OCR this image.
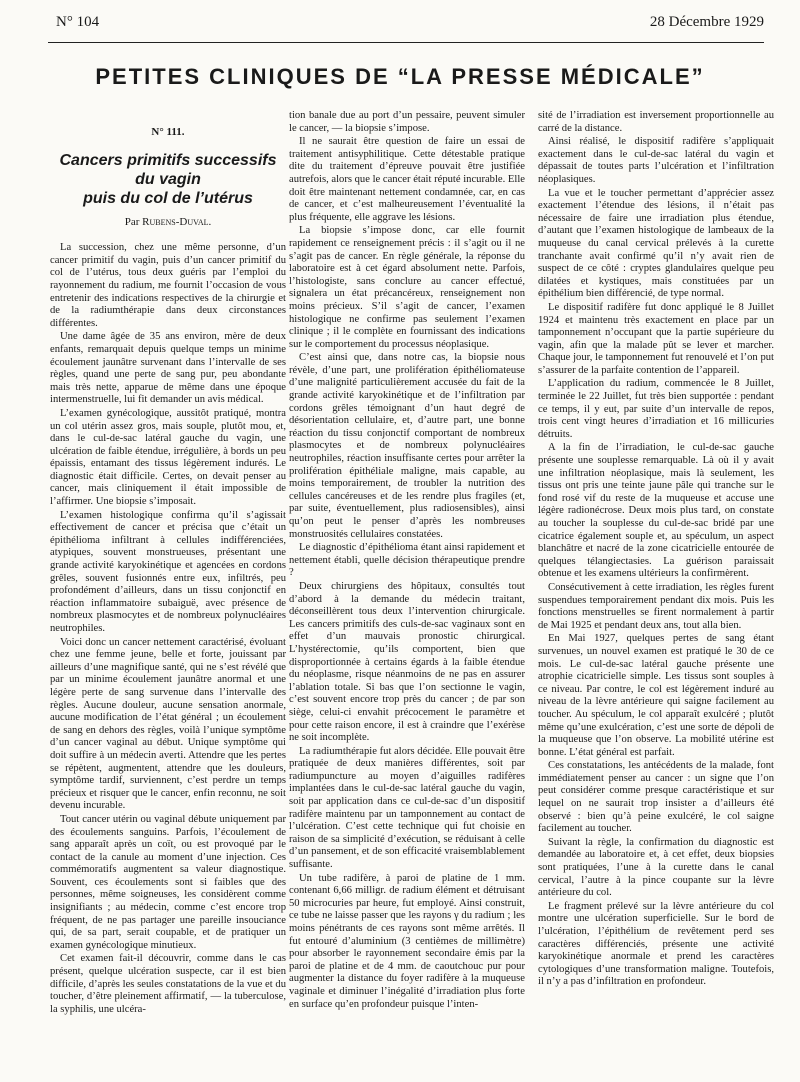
N° 104	28 Décembre 1929
PETITES CLINIQUES DE “LA PRESSE MÉDICALE”
N° 111.
Cancers primitifs successifs
du vagin
puis du col de l’utérus
Par Rubens-Duval.

La succession, chez une même personne, d’un cancer primitif du vagin, puis d’un cancer primitif du col de l’utérus, tous deux guéris par l’emploi du rayonnement du radium, me fournit l’occasion de vous entretenir des indications respectives de la chirurgie et de la radiumthérapie dans deux circonstances différentes.

Une dame âgée de 35 ans environ, mère de deux enfants, remarquait depuis quelque temps un minime écoulement jaunâtre survenant dans l’intervalle de ses règles, quand une perte de sang pur, peu abondante mais très nette, apparue de même dans une époque intermenstruelle, lui fit demander un avis médical.

L’examen gynécologique, aussitôt pratiqué, montra un col utérin assez gros, mais souple, plutôt mou, et, dans le cul-de-sac latéral gauche du vagin, une ulcération de faible étendue, irrégulière, à bords un peu épaissis, entamant des tissus légèrement indurés. Le diagnostic était difficile. Certes, on devait penser au cancer, mais cliniquement il était impossible de l’affirmer. Une biopsie s’imposait.

L’examen histologique confirma qu’il s’agissait effectivement de cancer et précisa que c’était un épithélioma infiltrant à cellules indifférenciées, atypiques, souvent monstrueuses, présentant une grande activité karyokinétique et agencées en cordons grêles, souvent fusionnés entre eux, infiltrés, peu profondément d’ailleurs, dans un tissu conjonctif en réaction inflammatoire subaiguë, avec présence de nombreux plasmocytes et de nombreux polynucléaires neutrophiles.

Voici donc un cancer nettement caractérisé, évoluant chez une femme jeune, belle et forte, jouissant par ailleurs d’une magnifique santé, qui ne s’est révélé que par un minime écoulement jaunâtre anormal et une légère perte de sang survenue dans l’intervalle des règles. Aucune douleur, aucune sensation anormale, aucune modification de l’état général ; un écoulement de sang en dehors des règles, voilà l’unique symptôme d’un cancer vaginal au début. Unique symptôme qui doit suffire à un médecin averti. Attendre que les pertes se répètent, augmentent, attendre que les douleurs, symptôme tardif, surviennent, c’est perdre un temps précieux et risquer que le cancer, enfin reconnu, ne soit devenu incurable.

Tout cancer utérin ou vaginal débute uniquement par des écoulements sanguins. Parfois, l’écoulement de sang apparaît après un coït, ou est provoqué par le contact de la canule au moment d’une injection. Ces commémoratifs augmentent sa valeur diagnostique. Souvent, ces écoulements sont si faibles que des personnes, même soigneuses, les considèrent comme insignifiants ; au médecin, comme c’est encore trop fréquent, de ne pas partager une pareille insouciance qui, de sa part, serait coupable, et de pratiquer un examen gynécologique minutieux.

Cet examen fait-il découvrir, comme dans le cas présent, quelque ulcération suspecte, car il est bien difficile, d’après les seules constatations de la vue et du toucher, d’être pleinement affirmatif, — la tuberculose, la syphilis, une ulcéra-

tion banale due au port d’un pessaire, peuvent simuler le cancer, — la biopsie s’impose.

Il ne saurait être question de faire un essai de traitement antisyphilitique. Cette détestable pratique dite du traitement d’épreuve pouvait être justifiée autrefois, alors que le cancer était réputé incurable. Elle doit être maintenant nettement condamnée, car, en cas de cancer, et c’est malheureusement l’éventualité la plus fréquente, elle aggrave les lésions.

La biopsie s’impose donc, car elle fournit rapidement ce renseignement précis : il s’agit ou il ne s’agit pas de cancer. En règle générale, la réponse du laboratoire est à cet égard absolument nette. Parfois, l’histologiste, sans conclure au cancer effectué, signalera un état précancéreux, renseignement non moins précieux. S’il s’agit de cancer, l’examen histologique ne confirme pas seulement l’examen clinique ; il le complète en fournissant des indications sur le comportement du processus néoplasique.

C’est ainsi que, dans notre cas, la biopsie nous révèle, d’une part, une prolifération épithéliomateuse d’une malignité particulièrement accusée du fait de la grande activité karyokinétique et de l’infiltration par cordons grêles témoignant d’un haut degré de désorientation cellulaire, et, d’autre part, une bonne réaction du tissu conjonctif comportant de nombreux plasmocytes et de nombreux polynucléaires neutrophiles, réaction insuffisante certes pour arrêter la prolifération épithéliale maligne, mais capable, au moins temporairement, de troubler la nutrition des cellules cancéreuses et de les rendre plus fragiles (et, par suite, éventuellement, plus radiosensibles), ainsi qu’on peut le penser d’après les nombreuses monstruosités cellulaires constatées.

Le diagnostic d’épithélioma étant ainsi rapidement et nettement établi, quelle décision thérapeutique prendre ?

Deux chirurgiens des hôpitaux, consultés tout d’abord à la demande du médecin traitant, déconseillèrent tous deux l’intervention chirurgicale. Les cancers primitifs des culs-de-sac vaginaux sont en effet d’un mauvais pronostic chirurgical. L’hystérectomie, qu’ils comportent, bien que disproportionnée à certains égards à la faible étendue du néoplasme, risque néanmoins de ne pas en assurer l’ablation totale. Si bas que l’on sectionne le vagin, c’est souvent encore trop près du cancer ; de par son siège, celui-ci envahit précocement le paramètre et pour cette raison encore, il est à craindre que l’exérèse ne soit incomplète.

La radiumthérapie fut alors décidée. Elle pouvait être pratiquée de deux manières différentes, soit par radiumpuncture au moyen d’aiguilles radifères implantées dans le cul-de-sac latéral gauche du vagin, soit par application dans ce cul-de-sac d’un dispositif radifère maintenu par un tamponnement au contact de l’ulcération. C’est cette technique qui fut choisie en raison de sa simplicité d’exécution, se réduisant à celle d’un pansement, et de son efficacité vraisemblablement suffisante.

Un tube radifère, à paroi de platine de 1 mm. contenant 6,66 milligr. de radium élément et détruisant 50 microcuries par heure, fut employé. Ainsi construit, ce tube ne laisse passer que les rayons γ du radium ; les moins pénétrants de ces rayons sont même arrêtés. Il fut entouré d’aluminium (3 centièmes de millimètre) pour absorber le rayonnement secondaire émis par la paroi de platine et de 4 mm. de caoutchouc pur pour augmenter la distance du foyer radifère à la muqueuse vaginale et diminuer l’inégalité d’irradiation plus forte en surface qu’en profondeur puisque l’inten-

sité de l’irradiation est inversement proportionnelle au carré de la distance.

Ainsi réalisé, le dispositif radifère s’appliquait exactement dans le cul-de-sac latéral du vagin et dépassait de toutes parts l’ulcération et l’infiltration néoplasiques.

La vue et le toucher permettant d’apprécier assez exactement l’étendue des lésions, il n’était pas nécessaire de faire une irradiation plus étendue, d’autant que l’examen histologique de lambeaux de la muqueuse du canal cervical prélevés à la curette tranchante avait confirmé qu’il n’y avait rien de suspect de ce côté : cryptes glandulaires quelque peu dilatées et kystiques, mais constituées par un épithélium bien différencié, de type normal.

Le dispositif radifère fut donc appliqué le 8 Juillet 1924 et maintenu très exactement en place par un tamponnement n’occupant que la partie supérieure du vagin, afin que la malade pût se lever et marcher. Chaque jour, le tamponnement fut renouvelé et l’on put s’assurer de la parfaite contention de l’appareil.

L’application du radium, commencée le 8 Juillet, terminée le 22 Juillet, fut très bien supportée : pendant ce temps, il y eut, par suite d’un intervalle de repos, trois cent vingt heures d’irradiation et 16 millicuries détruits.

A la fin de l’irradiation, le cul-de-sac gauche présente une souplesse remarquable. Là où il y avait une infiltration néoplasique, mais là seulement, les tissus ont pris une teinte jaune pâle qui tranche sur le fond rosé vif du reste de la muqueuse et accuse une légère radionécrose. Deux mois plus tard, on constate au toucher la souplesse du cul-de-sac bridé par une cicatrice également souple et, au spéculum, un aspect blanchâtre et nacré de la zone cicatricielle entourée de quelques télangiectasies. La guérison paraissait obtenue et les examens ultérieurs la confirmèrent.

Consécutivement à cette irradiation, les règles furent suspendues temporairement pendant dix mois. Puis les fonctions menstruelles se firent normalement à partir de Mai 1925 et pendant deux ans, tout alla bien.

En Mai 1927, quelques pertes de sang étant survenues, un nouvel examen est pratiqué le 30 de ce mois. Le cul-de-sac latéral gauche présente une atrophie cicatricielle simple. Les tissus sont souples à ce niveau. Par contre, le col est légèrement induré au niveau de la lèvre antérieure qui saigne facilement au toucher. Au spéculum, le col apparaît exulcéré ; plutôt même qu’une exulcération, c’est une sorte de dépoli de la muqueuse que l’on observe. La mobilité utérine est bonne. L’état général est parfait.

Ces constatations, les antécédents de la malade, font immédiatement penser au cancer : un signe que l’on peut considérer comme presque caractéristique et sur lequel on ne saurait trop insister a d’ailleurs été observé : bien qu’à peine exulcéré, le col saigne facilement au toucher.

Suivant la règle, la confirmation du diagnostic est demandée au laboratoire et, à cet effet, deux biopsies sont pratiquées, l’une à la curette dans le canal cervical, l’autre à la pince coupante sur la lèvre antérieure du col.

Le fragment prélevé sur la lèvre antérieure du col montre une ulcération superficielle. Sur le bord de l’ulcération, l’épithélium de revêtement perd ses caractères différenciés, présente une activité karyokinétique anormale et prend les caractères cytologiques d’une transformation maligne. Toutefois, il n’y a pas d’infiltration en profondeur.
